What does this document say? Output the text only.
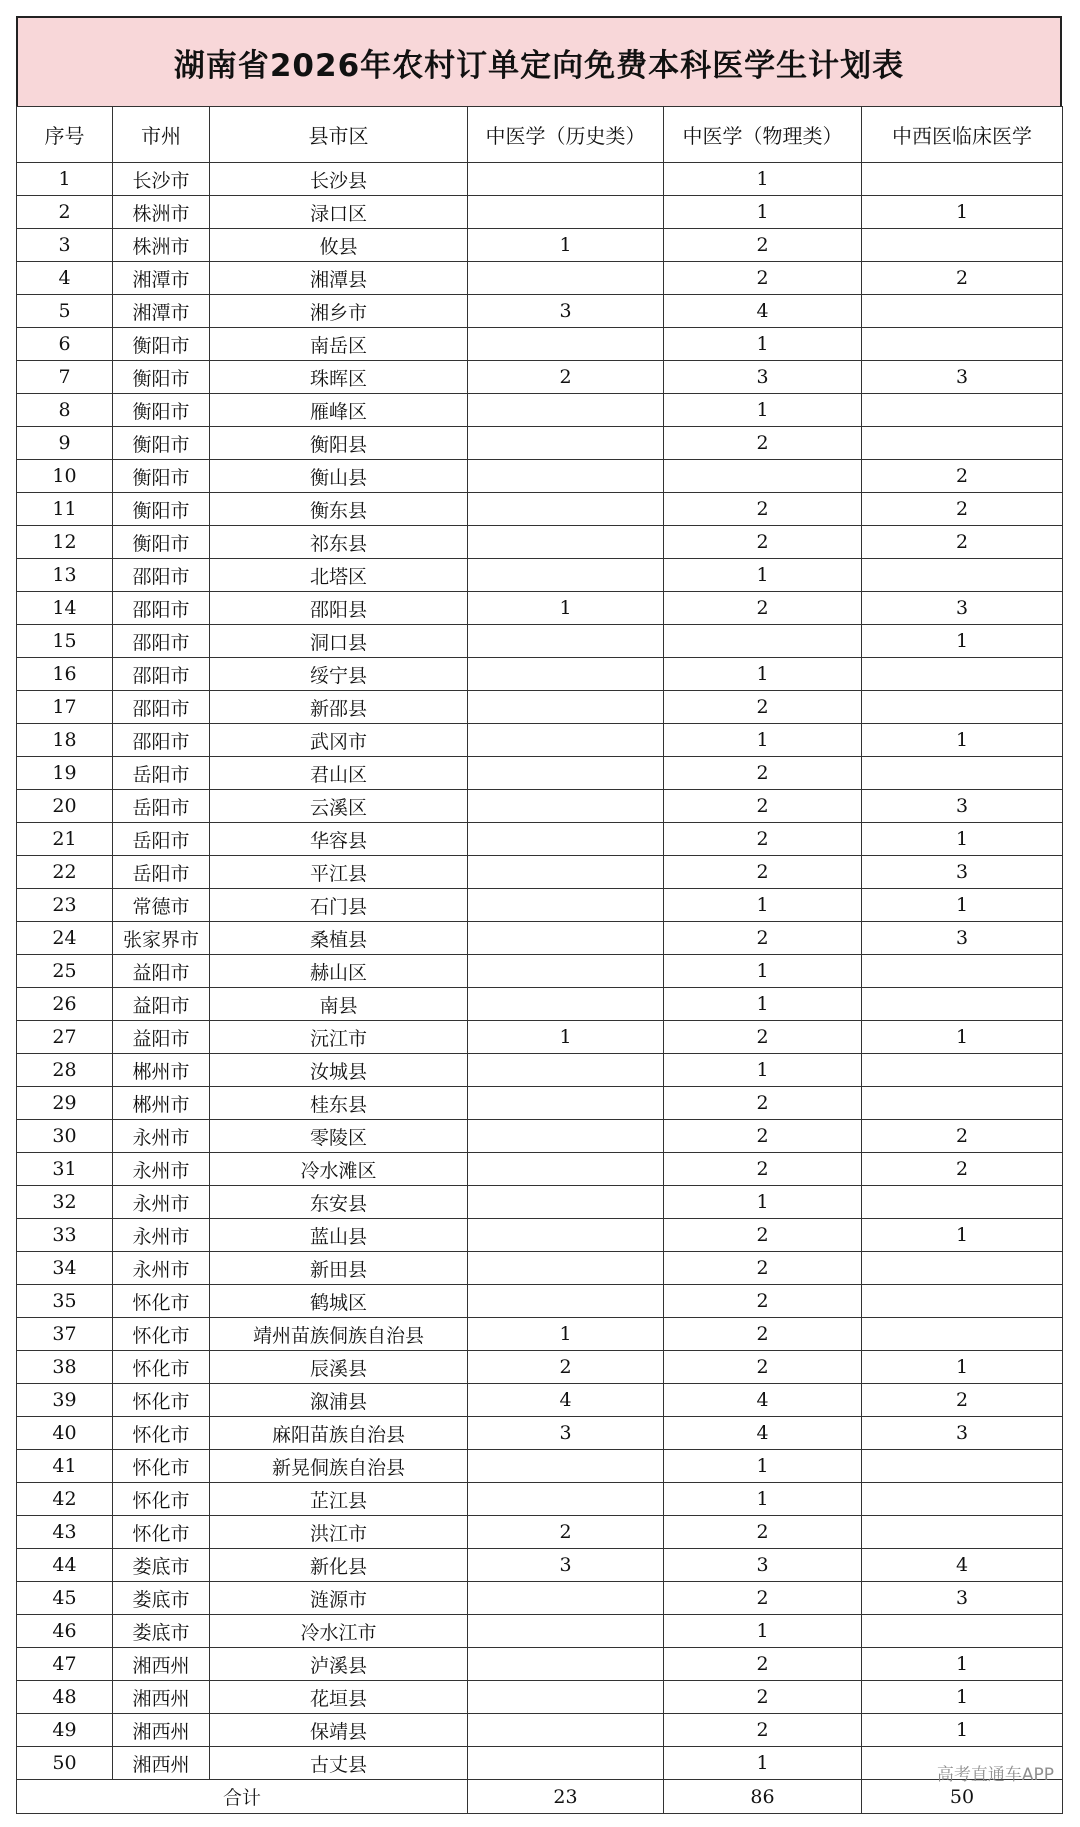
湖南省2026年农村订单定向免费本科医学生计划表
序号	市州	县市区	中医学（历史类）	中医学（物理类）	中西医临床医学
1	长沙市	长沙县		1	
2	株洲市	渌口区		1	1
3	株洲市	攸县	1	2	
4	湘潭市	湘潭县		2	2
5	湘潭市	湘乡市	3	4	
6	衡阳市	南岳区		1	
7	衡阳市	珠晖区	2	3	3
8	衡阳市	雁峰区		1	
9	衡阳市	衡阳县		2	
10	衡阳市	衡山县			2
11	衡阳市	衡东县		2	2
12	衡阳市	祁东县		2	2
13	邵阳市	北塔区		1	
14	邵阳市	邵阳县	1	2	3
15	邵阳市	洞口县			1
16	邵阳市	绥宁县		1	
17	邵阳市	新邵县		2	
18	邵阳市	武冈市		1	1
19	岳阳市	君山区		2	
20	岳阳市	云溪区		2	3
21	岳阳市	华容县		2	1
22	岳阳市	平江县		2	3
23	常德市	石门县		1	1
24	张家界市	桑植县		2	3
25	益阳市	赫山区		1	
26	益阳市	南县		1	
27	益阳市	沅江市	1	2	1
28	郴州市	汝城县		1	
29	郴州市	桂东县		2	
30	永州市	零陵区		2	2
31	永州市	冷水滩区		2	2
32	永州市	东安县		1	
33	永州市	蓝山县		2	1
34	永州市	新田县		2	
35	怀化市	鹤城区		2	
37	怀化市	靖州苗族侗族自治县	1	2	
38	怀化市	辰溪县	2	2	1
39	怀化市	溆浦县	4	4	2
40	怀化市	麻阳苗族自治县	3	4	3
41	怀化市	新晃侗族自治县		1	
42	怀化市	芷江县		1	
43	怀化市	洪江市	2	2	
44	娄底市	新化县	3	3	4
45	娄底市	涟源市		2	3
46	娄底市	冷水江市		1	
47	湘西州	泸溪县		2	1
48	湘西州	花垣县		2	1
49	湘西州	保靖县		2	1
50	湘西州	古丈县		1	
合计			23	86	50
高考直通车APP
